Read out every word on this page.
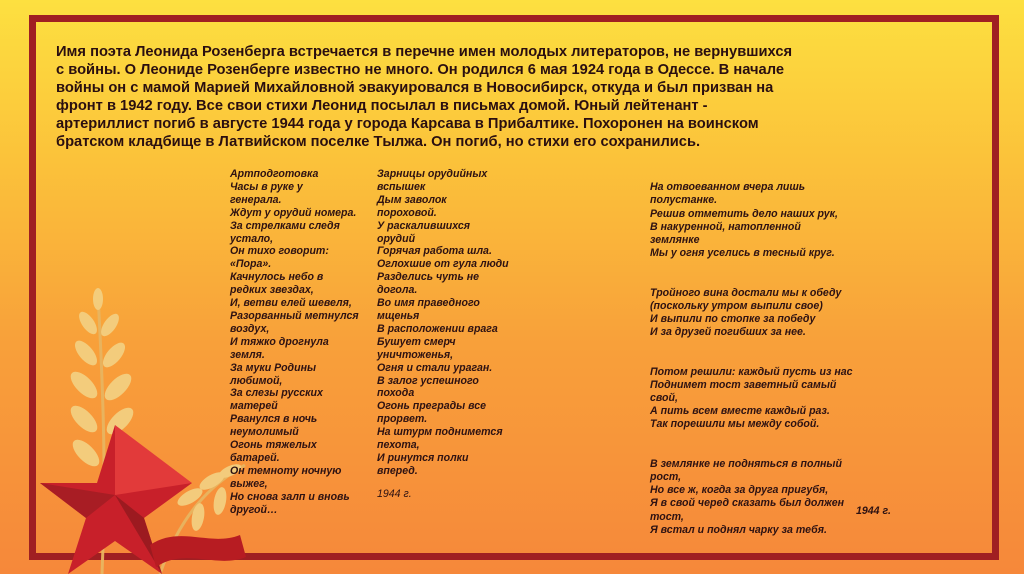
Имя поэта Леонида Розенберга встречается в перечне имен молодых литераторов, не вернувшихся
с войны. О Леониде Розенберге известно не много. Он родился 6 мая 1924 года в Одессе. В начале
войны он с мамой Марией Михайловной эвакуировался в Новосибирск, откуда и был призван на
фронт в 1942 году. Все свои стихи Леонид посылал в письмах домой. Юный лейтенант -
артериллист погиб в августе 1944 года у города Карсава в Прибалтике. Похоронен на воинском
братском кладбище в Латвийском поселке Тылжа. Он погиб, но стихи его сохранились.

Артподготовка
Часы в руке у
генерала.
Ждут у орудий номера.
За стрелками следя
устало,
Он тихо говорит:
«Пора».
Качнулось небо в
редких звездах,
И, ветви елей шевеля,
Разорванный метнулся
воздух,
И тяжко дрогнула
земля.
За муки Родины
любимой,
За слезы русских
матерей
Рванулся в ночь
неумолимый
Огонь тяжелых
батарей.
Он темноту ночную
выжег,
Но снова залп и вновь
другой…

Зарницы орудийных
вспышек
Дым заволок
пороховой.
У раскалившихся
орудий
Горячая работа шла.
Оглохшие от гула люди
Разделись чуть не
догола.
Во имя праведного
мщенья
В расположении врага
Бушует смерч
уничтоженья,
Огня и стали ураган.
В залог успешного
похода
Огонь преграды все
прорвет.
На штурм поднимется
пехота,
И ринутся полки
вперед.

1944 г.

На отвоеванном вчера лишь
полустанке.
Решив отметить дело наших рук,
В накуренной, натопленной
землянке
Мы у огня уселись в тесный круг.

Тройного вина достали мы к обеду
(поскольку утром выпили свое)
И выпили по стопке за победу
И за друзей погибших за нее.

Потом решили: каждый пусть из нас
Поднимет тост заветный самый
свой,
А пить всем вместе каждый раз.
Так порешили мы между собой.

В землянке не подняться в полный
рост,
Но все ж, когда за друга пригубя,
Я в свой черед сказать был должен
тост,
Я встал и поднял чарку за тебя.

1944 г.
